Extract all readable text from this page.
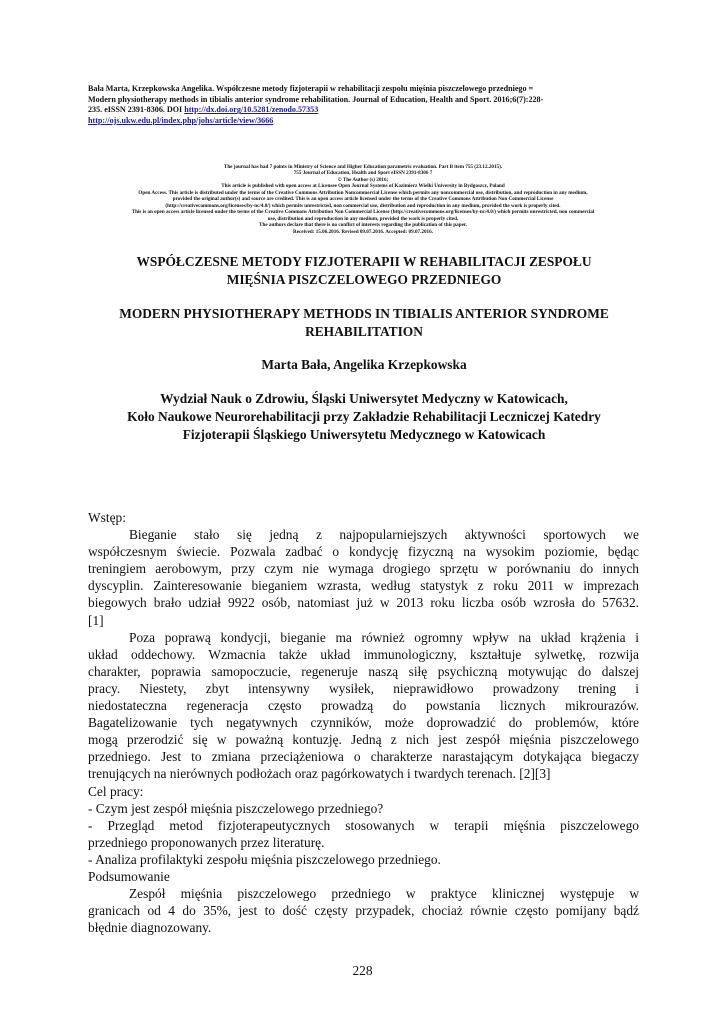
Bała Marta, Krzepkowska Angelika. Współczesne metody fizjoterapii w rehabilitacji zespołu mięśnia piszczelowego przedniego =
Modern physiotherapy methods in tibialis anterior syndrome rehabilitation. Journal of Education, Health and Sport. 2016;6(7):228-
235. eISSN 2391-8306. DOI http://dx.doi.org/10.5281/zenodo.57353
http://ojs.ukw.edu.pl/index.php/johs/article/view/3666
The journal has had 7 points in Ministry of Science and Higher Education parametric evaluation. Part B item 755 (23.12.2015).
755 Journal of Education, Health and Sport eISSN 2391-8306 7
© The Author (s) 2016;
This article is published with open access at Licensee Open Journal Systems of Kazimierz Wielki University in Bydgoszcz, Poland
Open Access. This article is distributed under the terms of the Creative Commons Attribution Noncommercial License which permits any noncommercial use, distribution, and reproduction in any medium,
provided the original author(s) and source are credited. This is an open access article licensed under the terms of the Creative Commons Attribution Non Commercial License
(http://creativecommons.org/licenses/by-nc/4.0/) which permits unrestricted, non commercial use, distribution and reproduction in any medium, provided the work is properly cited.
This is an open access article licensed under the terms of the Creative Commons Attribution Non Commercial License (http://creativecommons.org/licenses/by-nc/4.0/) which permits unrestricted, non commercial
use, distribution and reproduction in any medium, provided the work is properly cited.
The authors declare that there is no conflict of interests regarding the publication of this paper.
Received: 15.06.2016. Revised 09.07.2016. Accepted: 09.07.2016.
WSPÓŁCZESNE METODY FIZJOTERAPII W REHABILITACJI ZESPOŁU
MIĘŚNIA PISZCZELOWEGO PRZEDNIEGO
MODERN PHYSIOTHERAPY METHODS IN TIBIALIS ANTERIOR SYNDROME
REHABILITATION
Marta Bała, Angelika Krzepkowska
Wydział Nauk o Zdrowiu, Śląski Uniwersytet Medyczny w Katowicach,
Koło Naukowe Neurorehabilitacji przy Zakładzie Rehabilitacji Leczniczej Katedry
Fizjoterapii Śląskiego Uniwersytetu Medycznego w Katowicach
Wstęp:
Bieganie stało się jedną z najpopularniejszych aktywności sportowych we
współczesnym świecie. Pozwala zadbać o kondycję fizyczną na wysokim poziomie, będąc
treningiem aerobowym, przy czym nie wymaga drogiego sprzętu w porównaniu do innych
dyscyplin. Zainteresowanie bieganiem wzrasta, według statystyk z roku 2011 w imprezach
biegowych brało udział 9922 osób, natomiast już w 2013 roku liczba osób wzrosła do 57632.
[1]
Poza poprawą kondycji, bieganie ma również ogromny wpływ na układ krążenia i
układ oddechowy. Wzmacnia także układ immunologiczny, kształtuje sylwetkę, rozwija
charakter, poprawia samopoczucie, regeneruje naszą siłę psychiczną motywując do dalszej
pracy. Niestety, zbyt intensywny wysiłek, nieprawidłowo prowadzony trening i
niedostateczna regeneracja często prowadzą do powstania licznych mikrourazów.
Bagatelizowanie tych negatywnych czynników, może doprowadzić do problemów, które
mogą przerodzić się w poważną kontuzję. Jedną z nich jest zespół mięśnia piszczelowego
przedniego. Jest to zmiana przeciążeniowa o charakterze narastającym dotykająca biegaczy
trenujących na nierównych podłożach oraz pagórkowatych i twardych terenach. [2][3]
Cel pracy:
- Czym jest zespół mięśnia piszczelowego przedniego?
- Przegląd metod fizjoterapeutycznych stosowanych w terapii mięśnia piszczelowego
przedniego proponowanych przez literaturę.
- Analiza profilaktyki zespołu mięśnia piszczelowego przedniego.
Podsumowanie
Zespół mięśnia piszczelowego przedniego w praktyce klinicznej występuje w
granicach od 4 do 35%, jest to dość częsty przypadek, chociaż równie często pomijany bądź
błędnie diagnozowany.
228
